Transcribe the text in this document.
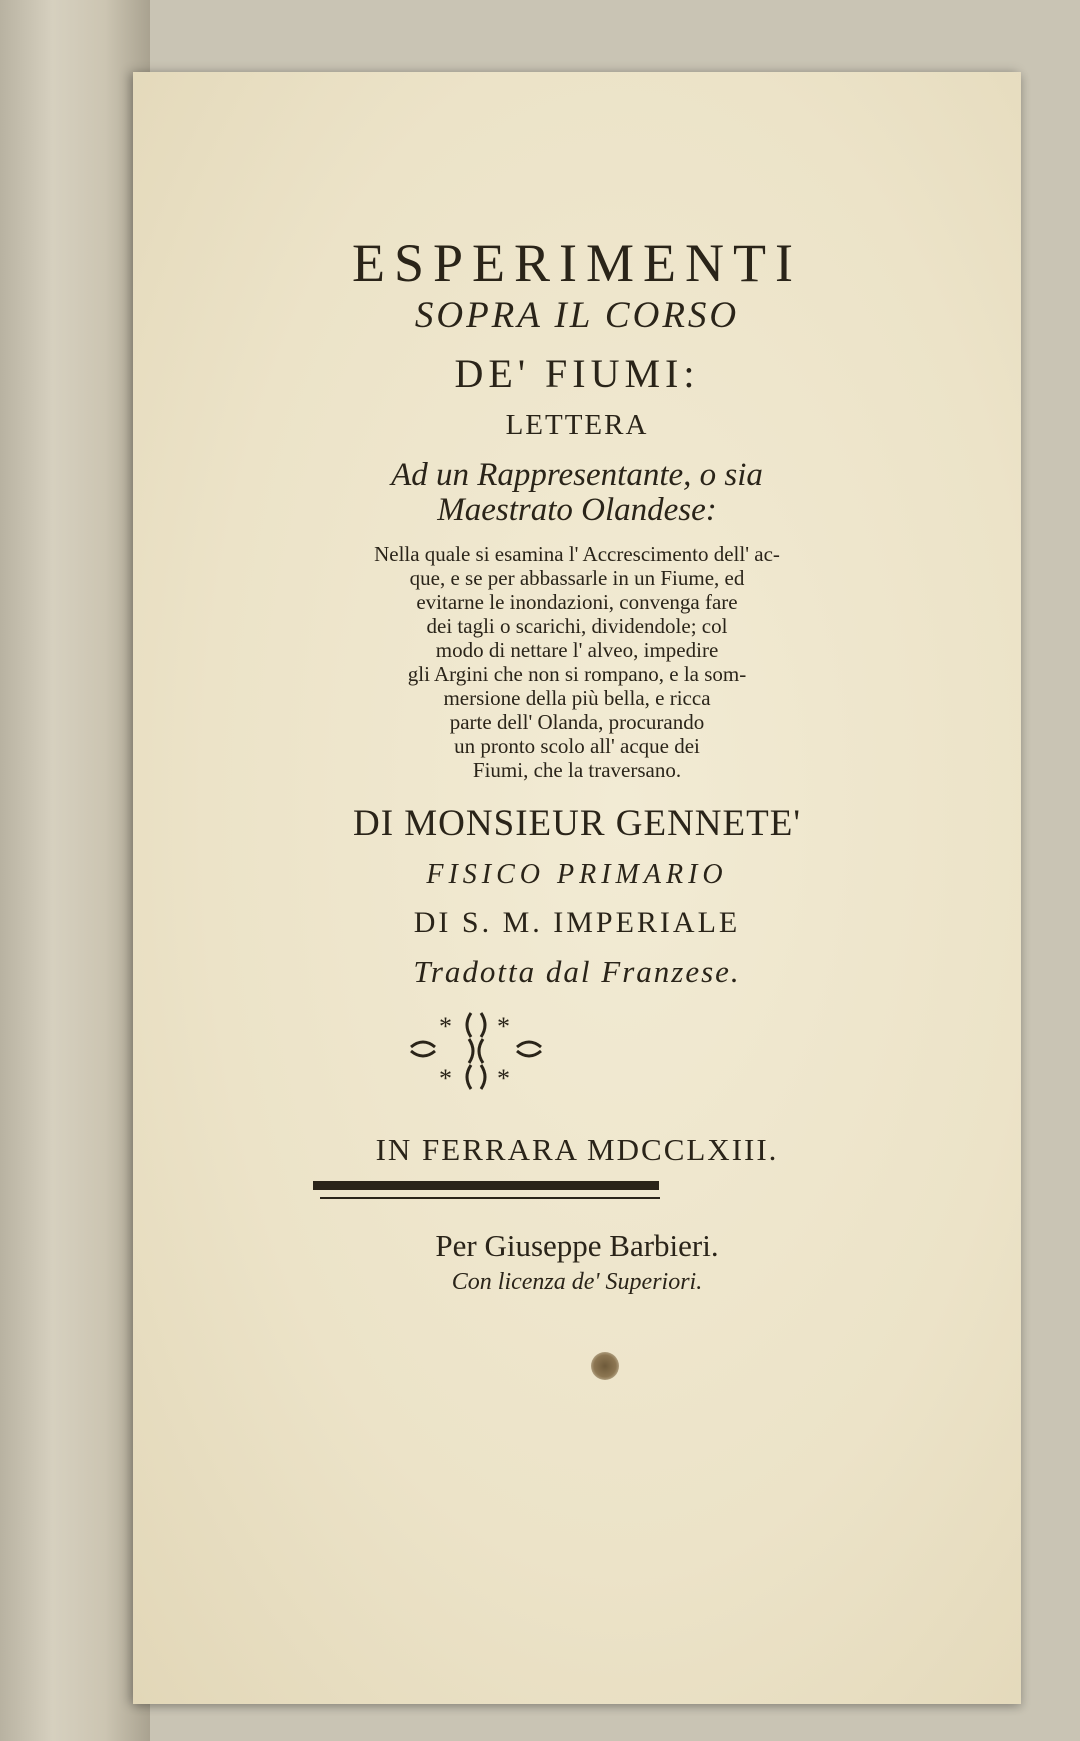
ESPERIMENTI
SOPRA IL CORSO
DE' FIUMI:
LETTERA
Ad un Rappresentante, o sia
Maestrato Olandese:
Nella quale si esamina l' Accrescimento dell' ac-
que, e se per abbassarle in un Fiume, ed
evitarne le inondazioni, convenga fare
dei tagli o scarichi, dividendole; col
modo di nettare l' alveo, impedire
gli Argini che non si rompano, e la som-
mersione della più bella, e ricca
parte dell' Olanda, procurando
un pronto scolo all' acque dei
Fiumi, che la traversano.
DI MONSIEUR GENNETE'
FISICO PRIMARIO
DI S. M. IMPERIALE
Tradotta dal Franzese.
* *
* *
IN FERRARA MDCCLXIII.
Per Giuseppe Barbieri.
Con licenza de' Superiori.
